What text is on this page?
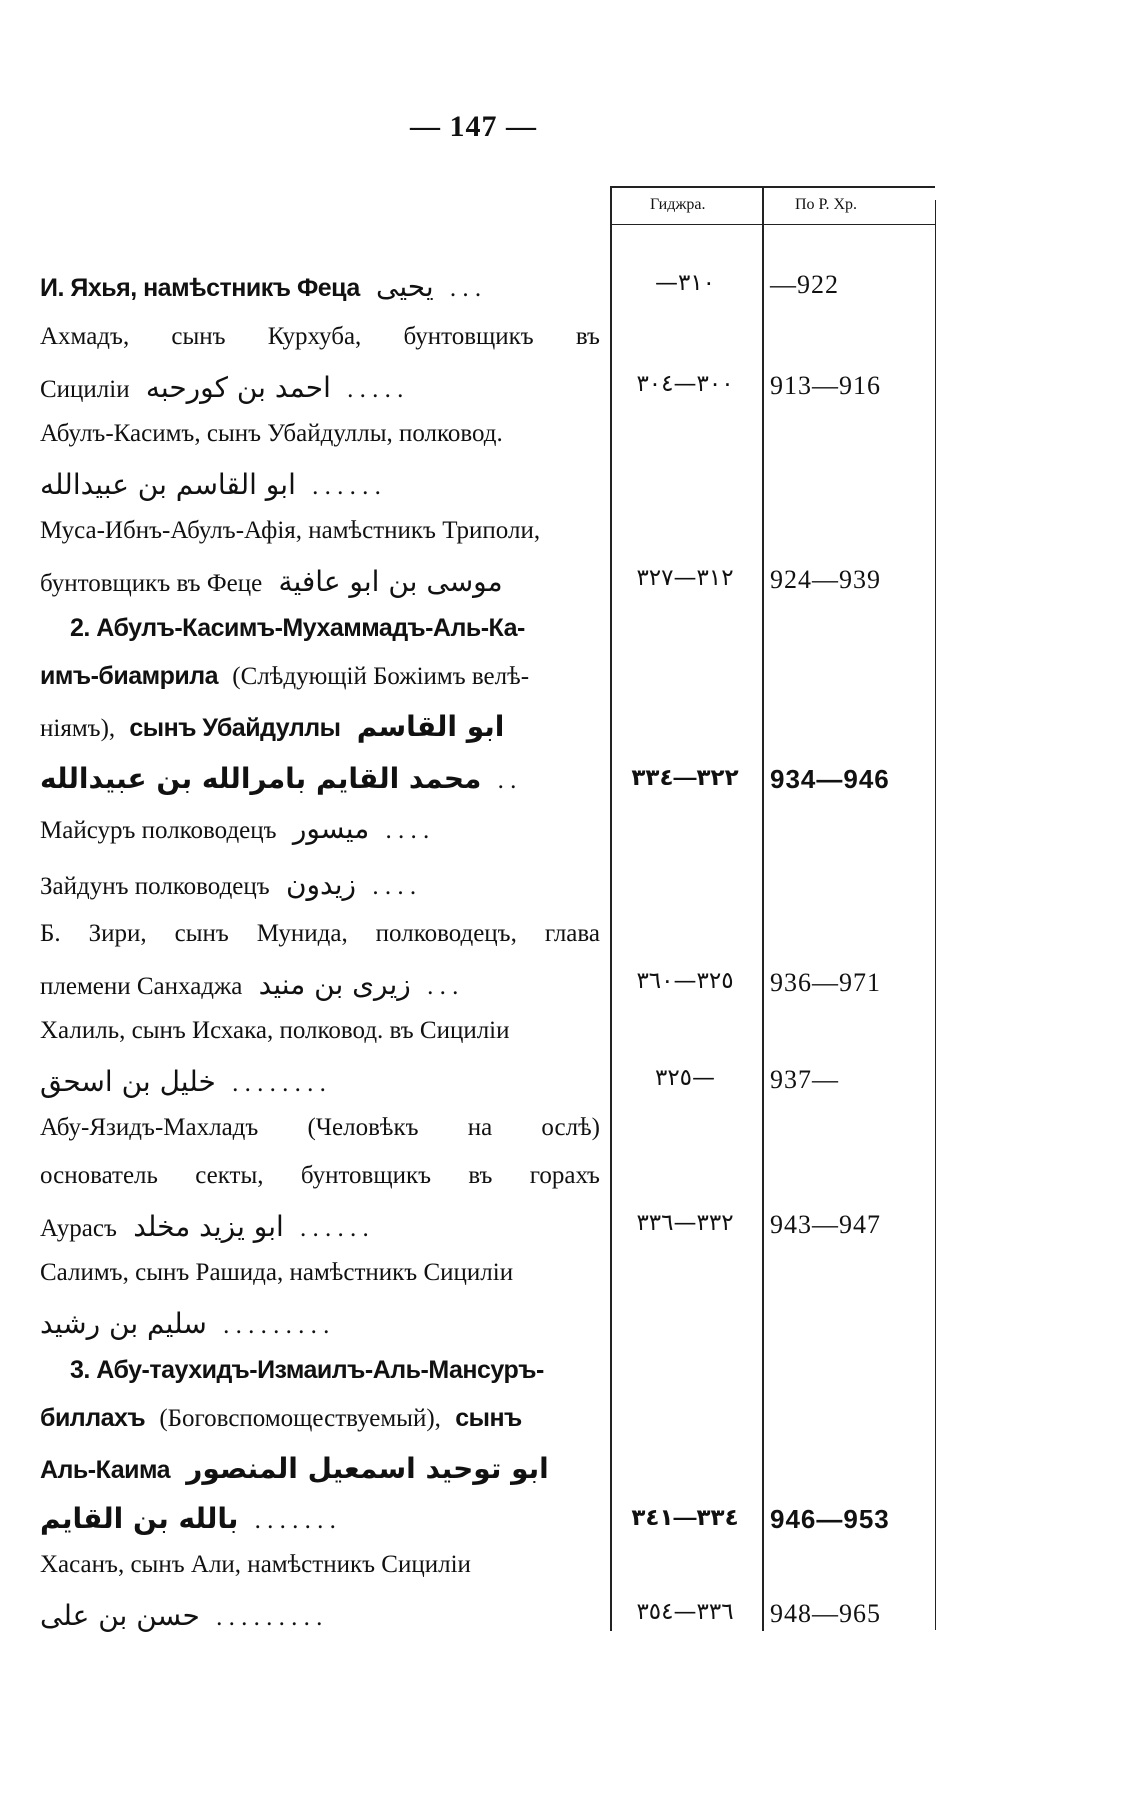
— 147 —
Гиджра.	По Р. Хр.
И. Яхья, намѣстникъ Феца يحيى . . .	—٣١٠	—922
Ахмадъ, сынъ Курхуба, бунтовщикъ въ
Сициліи احمد بن كورحبه . . . . .	٣٠٠—٣٠٤	913—916
Абулъ-Касимъ, сынъ Убайдуллы, полковод.
ابو القاسم بن عبيدالله . . . . . .
Муса-Ибнъ-Абулъ-Афія, намѣстникъ Триполи,
бунтовщикъ въ Феце موسى بن ابو عافية	٣١٢—٣٢٧	924—939
2. Абулъ-Касимъ-Мухаммадъ-Аль-Ка-
имъ-биамрила (Слѣдующій Божіимъ велѣ-
ніямъ), сынъ Убайдуллы ابو القاسم
محمد القايم بامرالله بن عبيدالله . .	٣٢٢—٣٣٤	934—946
Майсуръ полководецъ ميسور . . . .
Зайдунъ полководецъ زيدون . . . .
Б. Зири, сынъ Мунида, полководецъ, глава
племени Санхаджа زيرى بن منيد . . .	٣٢٥—٣٦٠	936—971
Халиль, сынъ Исхака, полковод. въ Сициліи
خليل بن اسحق . . . . . . . .	٣٢٥—	937—
Абу-Язидъ-Махладъ (Человѣкъ на ослѣ)
основатель секты, бунтовщикъ въ горахъ
Аурасъ ابو يزيد مخلد . . . . . .	٣٣٢—٣٣٦	943—947
Салимъ, сынъ Рашида, намѣстникъ Сициліи
سليم بن رشيد . . . . . . . . .
3. Абу-таухидъ-Измаилъ-Аль-Мансуръ-
биллахъ (Боговспомоществуемый), сынъ
Аль-Каима ابو توحيد اسمعيل المنصور
بالله بن القايم . . . . . . .	٣٣٤—٣٤١	946—953
Хасанъ, сынъ Али, намѣстникъ Сициліи
حسن بن على . . . . . . . . .	٣٣٦—٣٥٤	948—965
